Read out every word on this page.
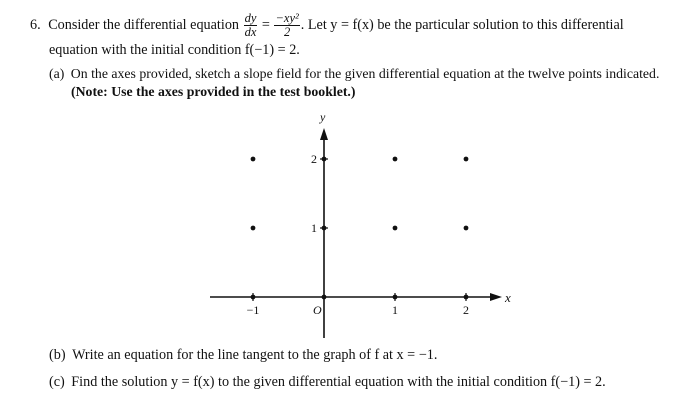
6. Consider the differential equation $\frac{dy}{dx} = \frac{\text{−xy²}}{2}$ . Let y = f(x) be the particular solution to this differential
equation with the initial condition f(−1) = 2.
(a) On the axes provided, sketch a slope field for the given differential equation at the twelve points indicated.
(Note: Use the axes provided in the test booklet.)
x
y
O
−1	1	2
1
2
(b) Write an equation for the line tangent to the graph of f at x = −1.
(c) Find the solution y = f(x) to the given differential equation with the initial condition f(−1) = 2.
